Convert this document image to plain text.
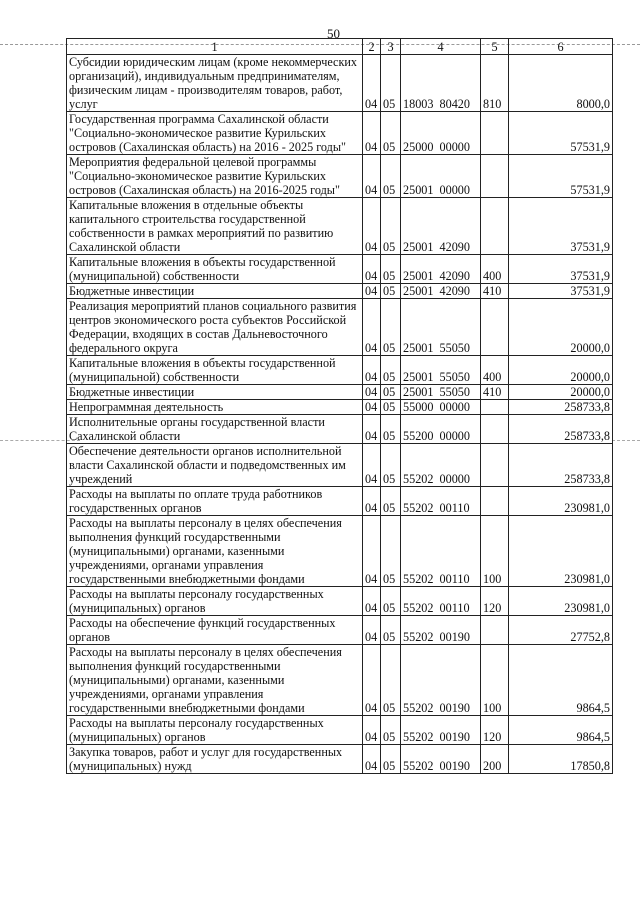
50
1	2	3	4	5	6
Субсидии юридическим лицам (кроме некоммерческих организаций), индивидуальным предпринимателям, физическим лицам - производителям товаров, работ, услуг	04	05	18003 80420	810	8000,0
Государственная программа Сахалинской области "Социально-экономическое развитие Курильских островов (Сахалинская область) на 2016 - 2025 годы"	04	05	25000 00000		57531,9
Мероприятия федеральной целевой программы "Социально-экономическое развитие Курильских островов (Сахалинская область) на 2016-2025 годы"	04	05	25001 00000		57531,9
Капитальные вложения в отдельные объекты капитального строительства государственной собственности в рамках мероприятий по развитию Сахалинской области	04	05	25001 42090		37531,9
Капитальные вложения в объекты государственной (муниципальной) собственности	04	05	25001 42090	400	37531,9
Бюджетные инвестиции	04	05	25001 42090	410	37531,9
Реализация мероприятий планов социального развития центров экономического роста субъектов Российской Федерации, входящих в состав Дальневосточного федерального округа	04	05	25001 55050		20000,0
Капитальные вложения в объекты государственной (муниципальной) собственности	04	05	25001 55050	400	20000,0
Бюджетные инвестиции	04	05	25001 55050	410	20000,0
Непрограммная деятельность	04	05	55000 00000		258733,8
Исполнительные органы государственной власти Сахалинской области	04	05	55200 00000		258733,8
Обеспечение деятельности органов исполнительной власти Сахалинской области и подведомственных им учреждений	04	05	55202 00000		258733,8
Расходы на выплаты по оплате труда работников государственных органов	04	05	55202 00110		230981,0
Расходы на выплаты персоналу в целях обеспечения выполнения функций государственными (муниципальными) органами, казенными учреждениями, органами управления государственными внебюджетными фондами	04	05	55202 00110	100	230981,0
Расходы на выплаты персоналу государственных (муниципальных) органов	04	05	55202 00110	120	230981,0
Расходы на обеспечение функций государственных органов	04	05	55202 00190		27752,8
Расходы на выплаты персоналу в целях обеспечения выполнения функций государственными (муниципальными) органами, казенными учреждениями, органами управления государственными внебюджетными фондами	04	05	55202 00190	100	9864,5
Расходы на выплаты персоналу государственных (муниципальных) органов	04	05	55202 00190	120	9864,5
Закупка товаров, работ и услуг для государственных (муниципальных) нужд	04	05	55202 00190	200	17850,8
